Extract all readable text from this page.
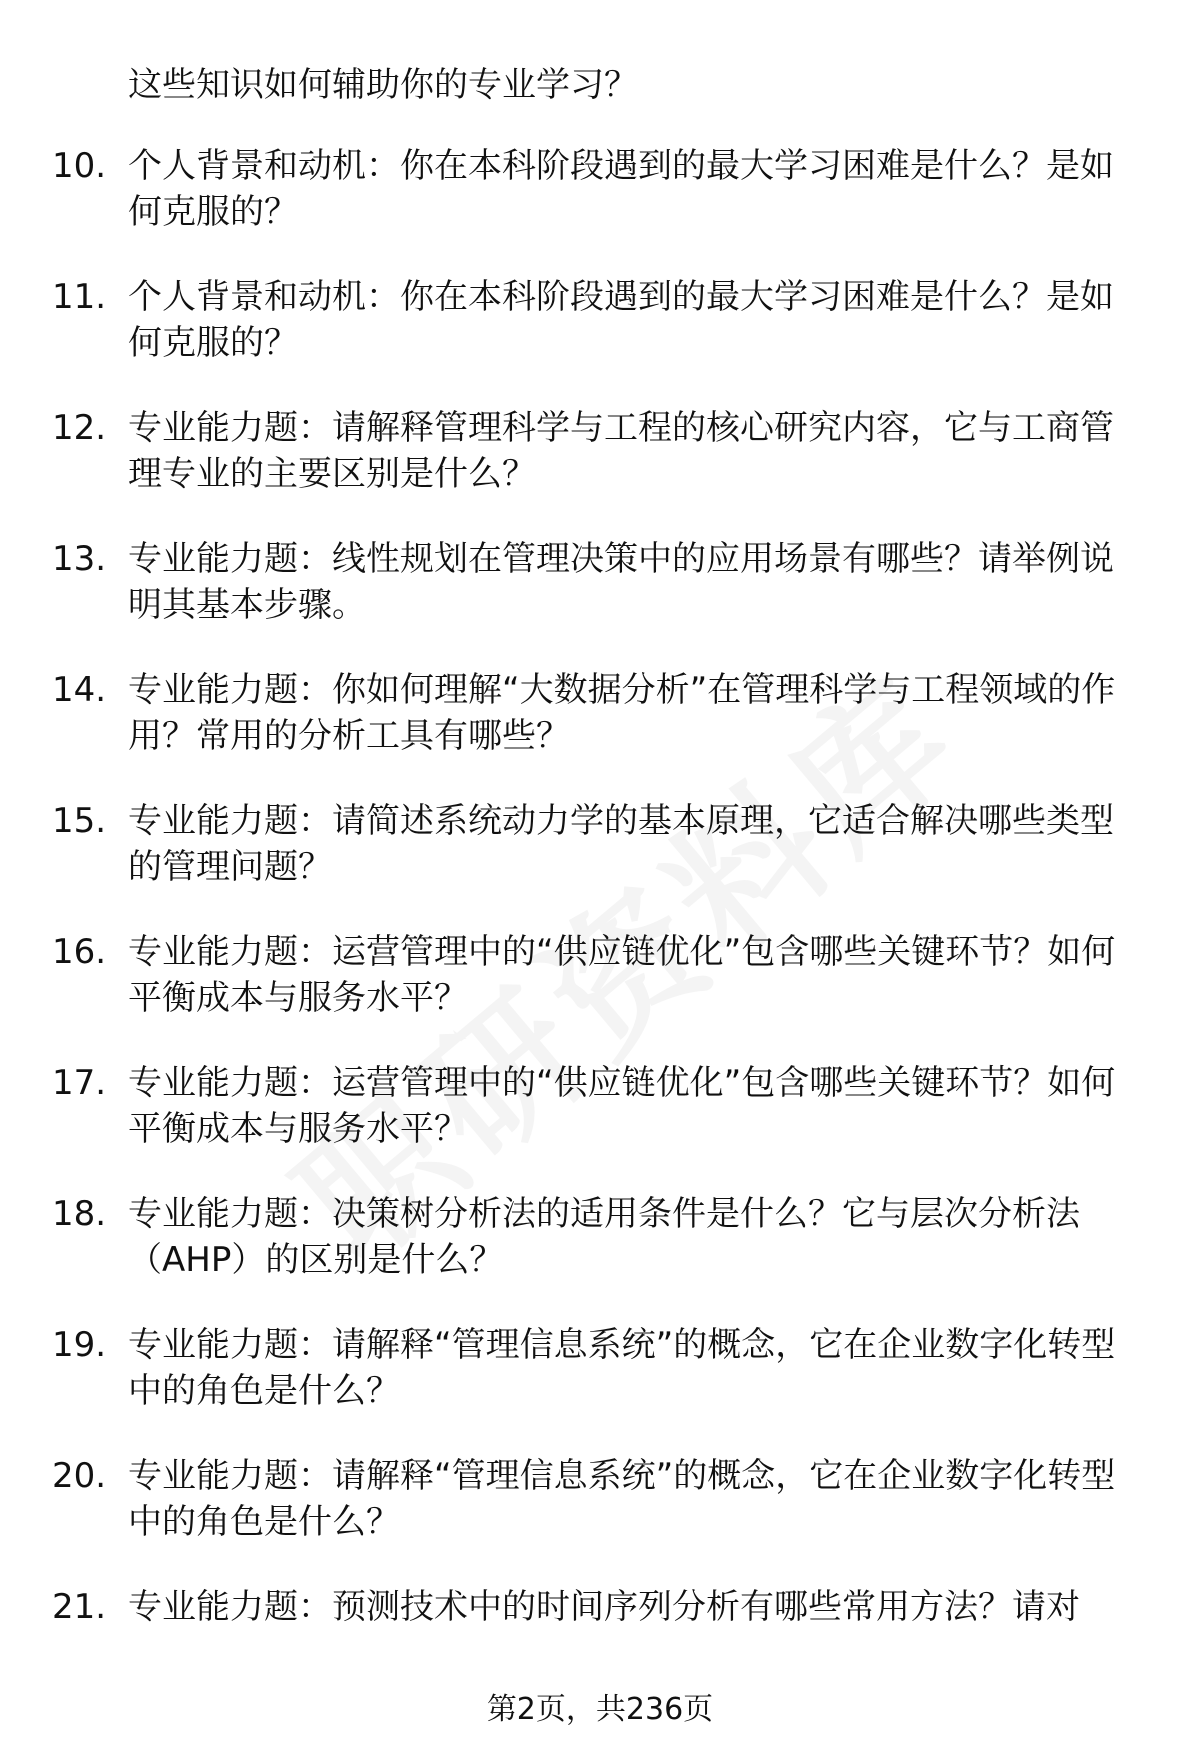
这些知识如何辅助你的专业学习？
10. 个人背景和动机：你在本科阶段遇到的最大学习困难是什么？是如何克服的？
11. 个人背景和动机：你在本科阶段遇到的最大学习困难是什么？是如何克服的？
12. 专业能力题：请解释管理科学与工程的核心研究内容，它与工商管理专业的主要区别是什么？
13. 专业能力题：线性规划在管理决策中的应用场景有哪些？请举例说明其基本步骤。
14. 专业能力题：你如何理解“大数据分析”在管理科学与工程领域的作用？常用的分析工具有哪些？
15. 专业能力题：请简述系统动力学的基本原理，它适合解决哪些类型的管理问题？
16. 专业能力题：运营管理中的“供应链优化”包含哪些关键环节？如何平衡成本与服务水平？
17. 专业能力题：运营管理中的“供应链优化”包含哪些关键环节？如何平衡成本与服务水平？
18. 专业能力题：决策树分析法的适用条件是什么？它与层次分析法（AHP）的区别是什么？
19. 专业能力题：请解释“管理信息系统”的概念，它在企业数字化转型中的角色是什么？
20. 专业能力题：请解释“管理信息系统”的概念，它在企业数字化转型中的角色是什么？
21. 专业能力题：预测技术中的时间序列分析有哪些常用方法？请对
第2页，共236页
